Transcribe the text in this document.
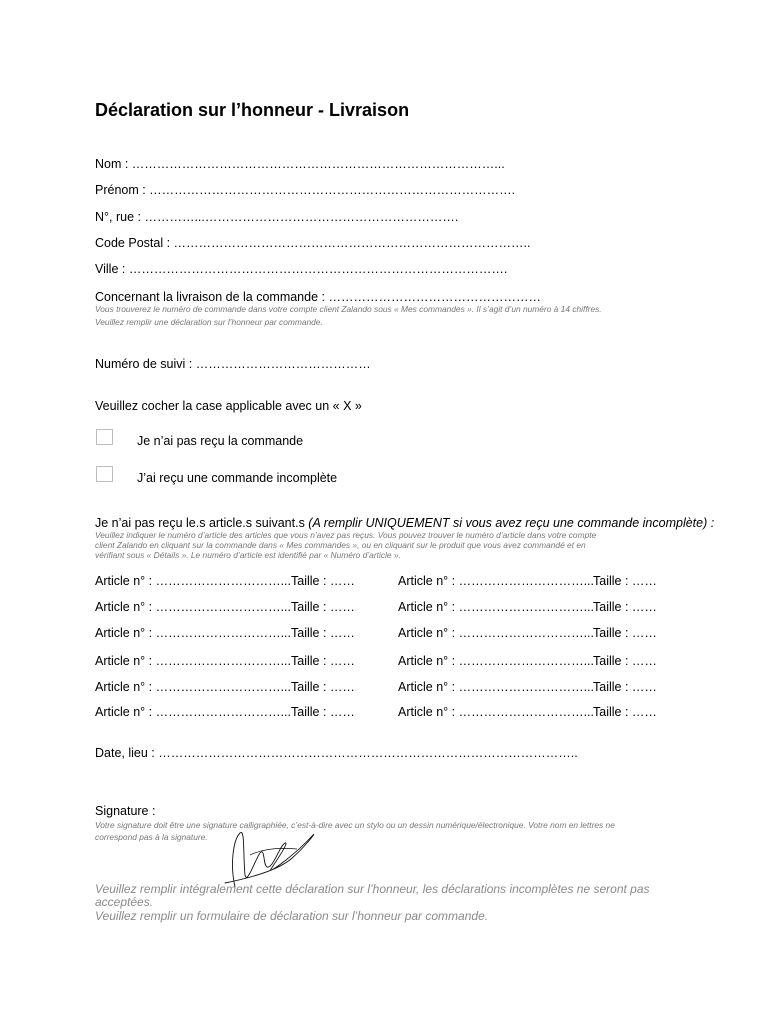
Déclaration sur l’honneur - Livraison
Nom : ……………………………………………………………………………...
Prénom : …………………………………………………………………………….
N°, rue : …………...…………………………………………………….
Code Postal : …………………………………………………………………………..
Ville : ……………………………………………………………………………….
Concernant la livraison de la commande : ……………………………………………
Vous trouverez le numéro de commande dans votre compte client Zalando sous « Mes commandes ». Il s’agit d’un numéro à 14 chiffres.
Veuillez remplir une déclaration sur l’honneur par commande.
Numéro de suivi : ……………………………………
Veuillez cocher la case applicable avec un « X »
Je n’ai pas reçu la commande
J’ai reçu une commande incomplète
Je n’ai pas reçu le.s article.s suivant.s (A remplir UNIQUEMENT si vous avez reçu une commande incomplète) :
Veuillez indiquer le numéro d’article des articles que vous n’avez pas reçus. Vous pouvez trouver le numéro d’article dans votre compte
client Zalando en cliquant sur la commande dans « Mes commandes », ou en cliquant sur le produit que vous avez commandé et en
vérifiant sous « Détails ». Le numéro d’article est identifié par « Numéro d’article ».
Article n° : …………………………... Taille : ……	Article n° : …………………………... Taille : ……
Article n° : …………………………... Taille : ……	Article n° : …………………………... Taille : ……
Article n° : …………………………... Taille : ……	Article n° : …………………………... Taille : ……
Article n° : …………………………... Taille : ……	Article n° : …………………………... Taille : ……
Article n° : …………………………... Taille : ……	Article n° : …………………………... Taille : ……
Article n° : …………………………... Taille : ……	Article n° : …………………………... Taille : ……
Date, lieu : ………………………………………………………………………………………..
Signature :
Votre signature doit être une signature calligraphiée, c’est-à-dire avec un stylo ou un dessin numérique/électronique. Votre nom en lettres ne
correspond pas à la signature.
Veuillez remplir intégralement cette déclaration sur l’honneur, les déclarations incomplètes ne seront pas
acceptées.
Veuillez remplir un formulaire de déclaration sur l’honneur par commande.
